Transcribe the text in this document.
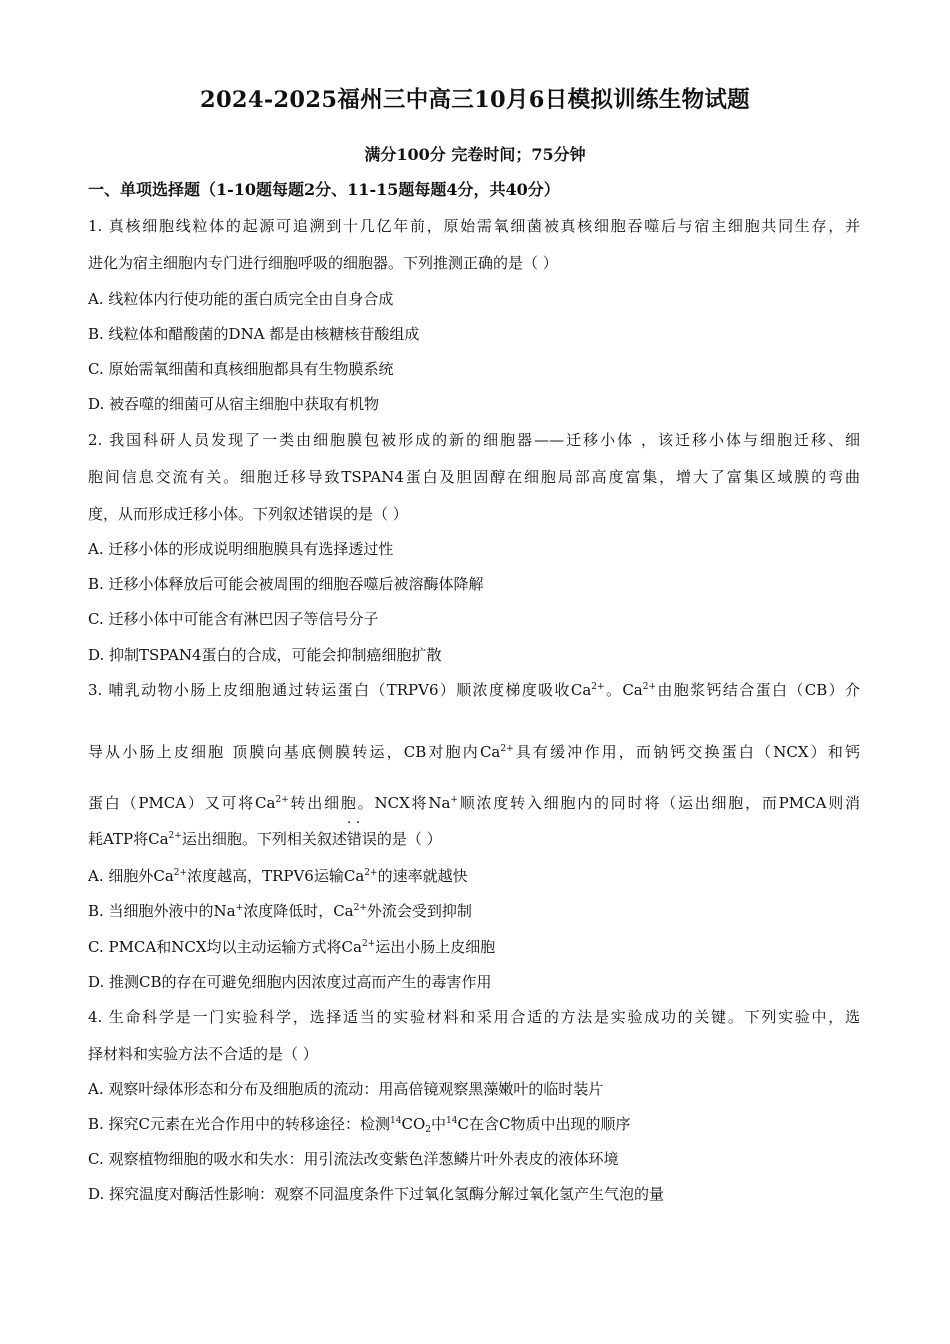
2024-2025福州三中高三10月6日模拟训练生物试题
满分100分 完卷时间；75分钟
一、单项选择题（1-10题每题2分、11-15题每题4分，共40分）
1. 真核细胞线粒体的起源可追溯到十几亿年前，原始需氧细菌被真核细胞吞噬后与宿主细胞共同生存，并
进化为宿主细胞内专门进行细胞呼吸的细胞器。下列推测正确的是（ ）
A. 线粒体内行使功能的蛋白质完全由自身合成
B. 线粒体和醋酸菌的DNA 都是由核糖核苷酸组成
C. 原始需氧细菌和真核细胞都具有生物膜系统
D. 被吞噬的细菌可从宿主细胞中获取有机物
2. 我国科研人员发现了一类由细胞膜包被形成的新的细胞器——迁移小体 ，该迁移小体与细胞迁移、细
胞间信息交流有关。细胞迁移导致TSPAN4蛋白及胆固醇在细胞局部高度富集，增大了富集区域膜的弯曲
度，从而形成迁移小体。下列叙述错误的是（ ）
A. 迁移小体的形成说明细胞膜具有选择透过性
B. 迁移小体释放后可能会被周围的细胞吞噬后被溶酶体降解
C. 迁移小体中可能含有淋巴因子等信号分子
D. 抑制TSPAN4蛋白的合成，可能会抑制癌细胞扩散
3. 哺乳动物小肠上皮细胞通过转运蛋白（TRPV6）顺浓度梯度吸收$Ca^{2+}$。$Ca^{2+}$由胞浆钙结合蛋白（CB）介
导从小肠上皮细胞 顶膜向基底侧膜转运，CB对胞内$Ca^{2+}$具有缓冲作用，而钠钙交换蛋白（NCX）和钙
蛋白（PMCA）又可将$Ca^{2+}$转出细胞。NCX将Na+顺浓度转入细胞内的同时将（运出细胞，而PMCA则消
耗ATP将$Ca^{2+}$运出细胞。下列相关叙述· · 错误的是（ ）
A. 细胞外$Ca^{2+}$浓度越高，TRPV6运输$Ca^{2+}$的速率就越快
B. 当细胞外液中的Na+浓度降低时，$Ca^{2+}$外流会受到抑制
C. PMCA和NCX均以主动运输方式将$Ca^{2+}$运出小肠上皮细胞
D. 推测CB的存在可避免细胞内因浓度过高而产生的毒害作用
4. 生命科学是一门实验科学，选择适当的实验材料和采用合适的方法是实验成功的关键。下列实验中，选
择材料和实验方法不合适的是（ ）
A. 观察叶绿体形态和分布及细胞质的流动：用高倍镜观察黑藻嫩叶的临时装片
B. 探究C元素在光合作用中的转移途径：检测$^{14}CO_2$中$^{14}$C在含C物质中出现的顺序
C. 观察植物细胞的吸水和失水：用引流法改变紫色洋葱鳞片叶外表皮的液体环境
D. 探究温度对酶活性影响：观察不同温度条件下过氧化氢酶分解过氧化氢产生气泡的量
